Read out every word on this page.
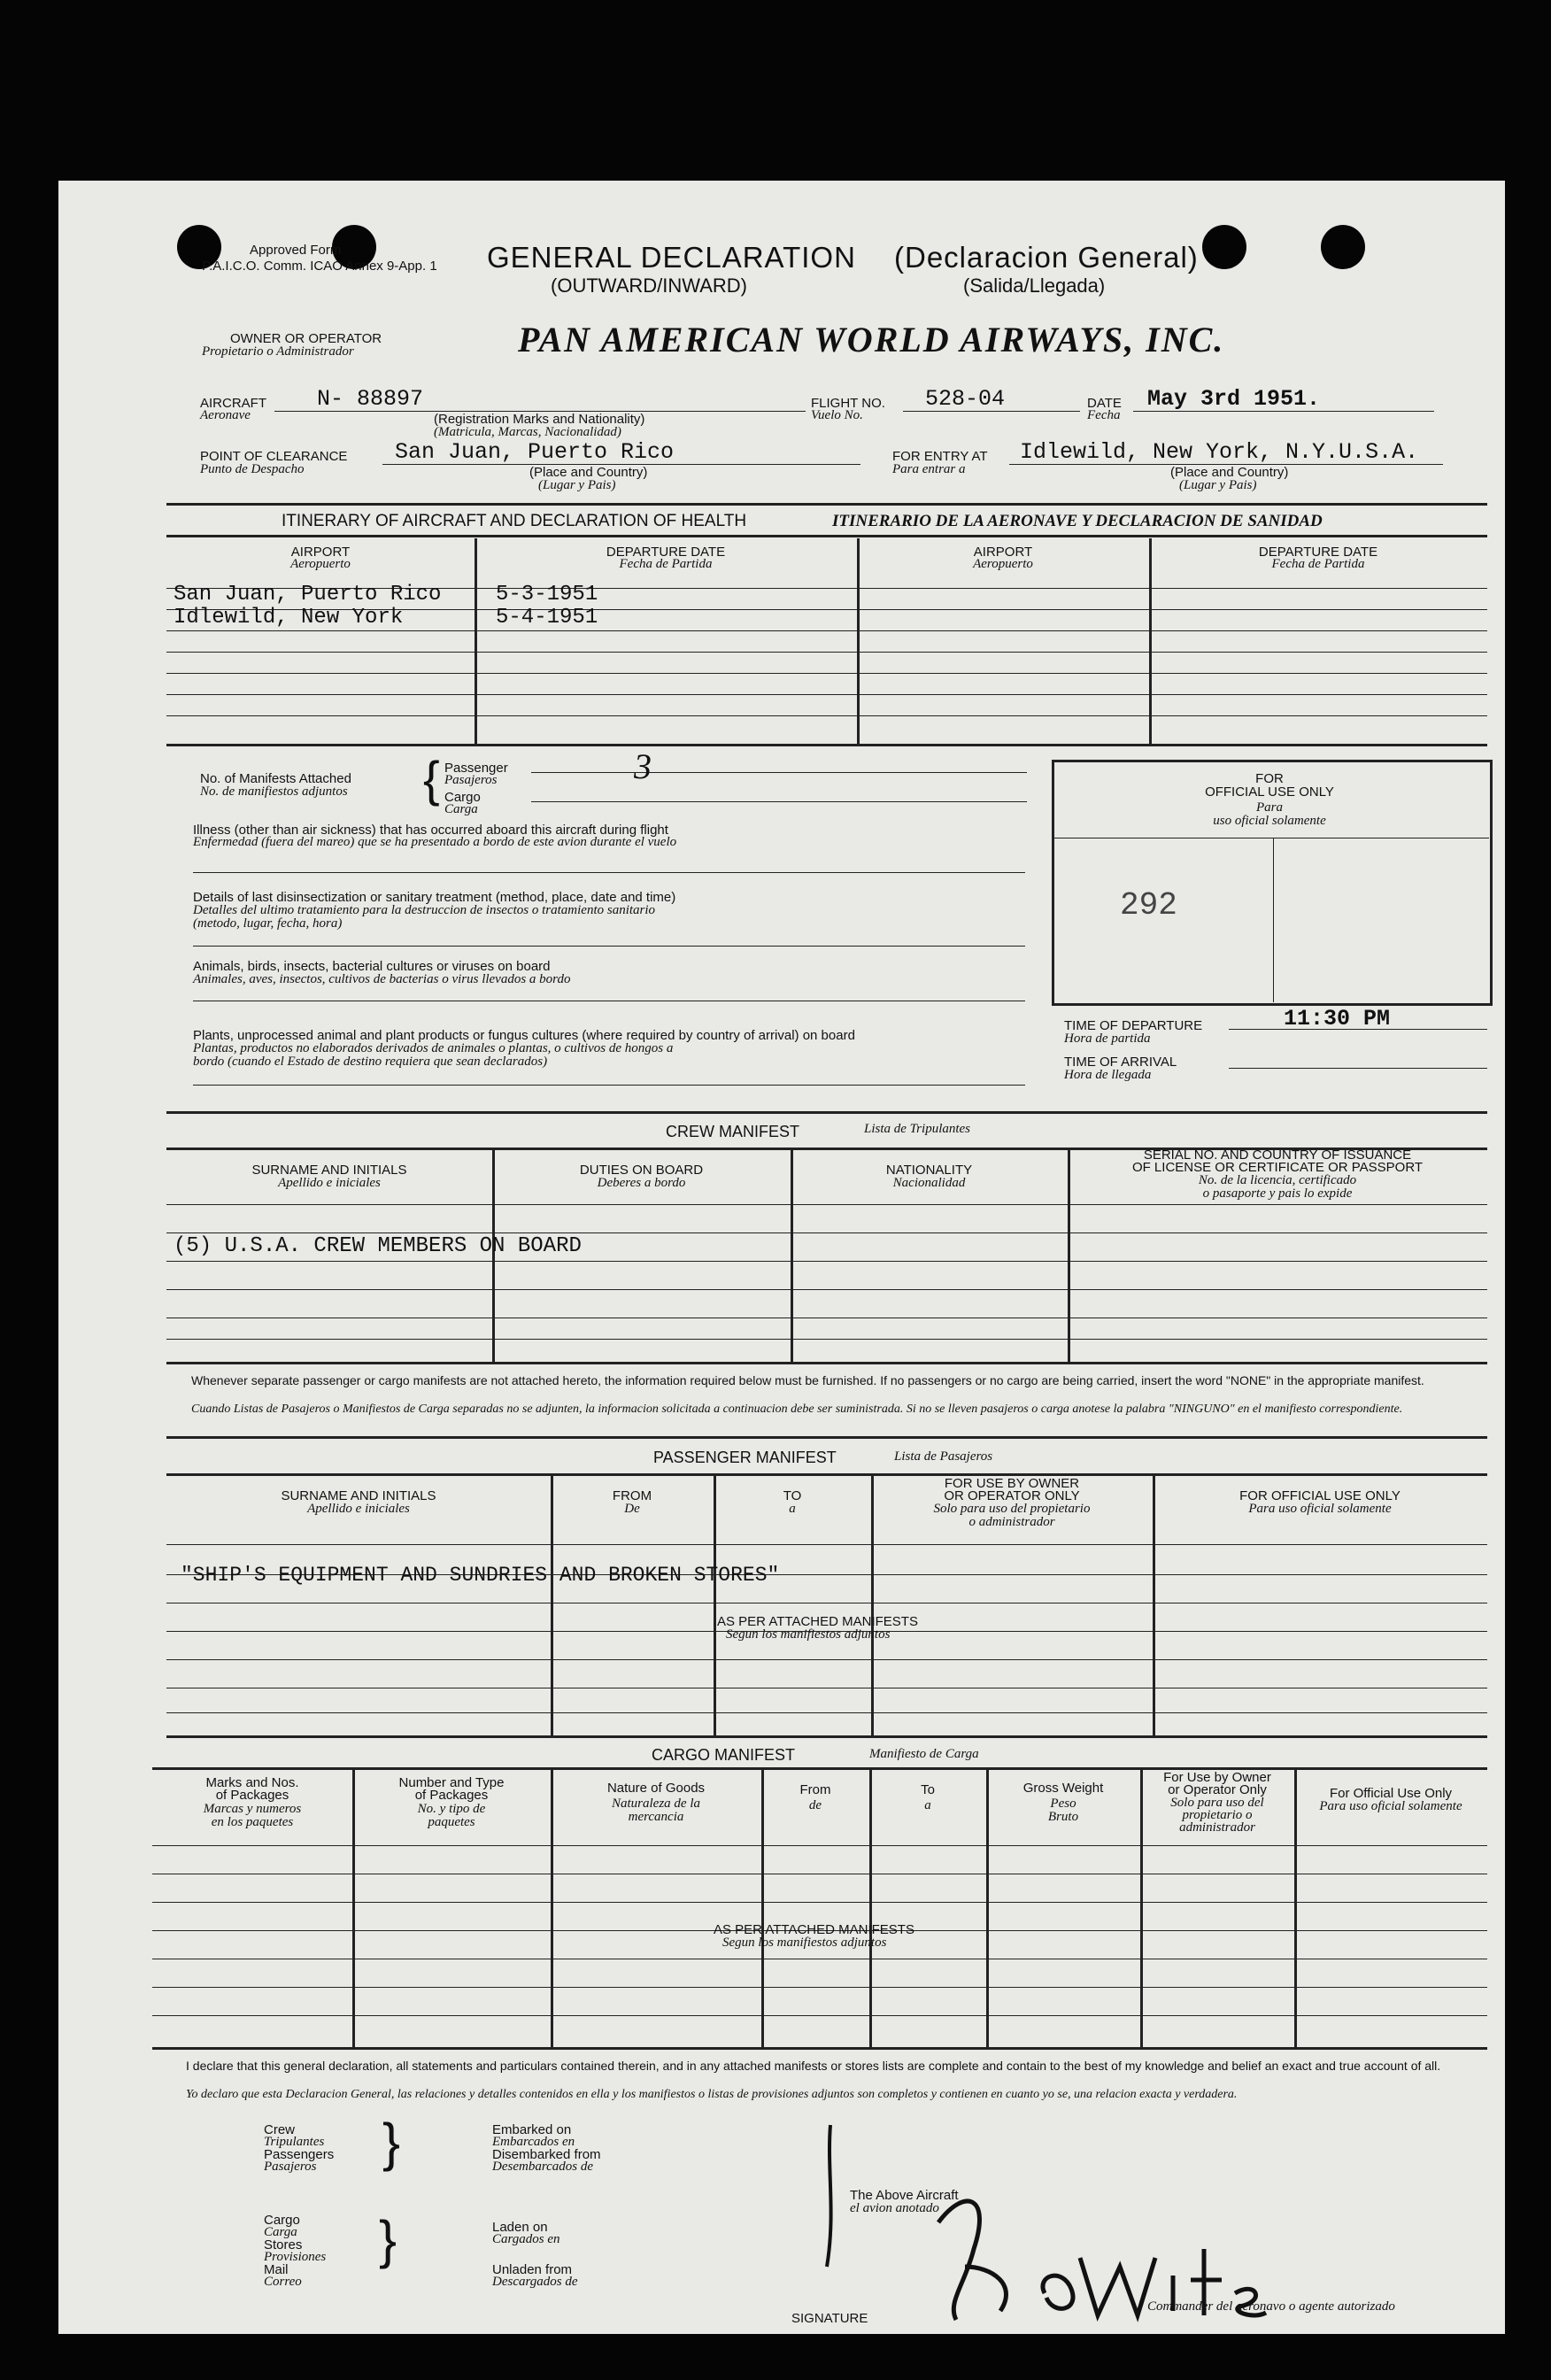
Approved Form
P.A.I.C.O. Comm. ICAO Annex 9-App. 1 GENERAL DECLARATION
(OUTWARD/INWARD)
(Declaracion General)
(Salida/Llegada)
OWNER OR OPERATOR
Propietario o Administrador	PAN AMERICAN WORLD AIRWAYS, INC.
AIRCRAFT
Aeronave
N- 88897
(Registration Marks and Nationality)
(Matricula, Marcas, Nacionalidad)
FLIGHT NO.
Vuelo No.
528-04	DATE
Fecha
May 3rd 1951.
POINT OF CLEARANCE
Punto de Despacho
San Juan, Puerto Rico
(Place and Country)
(Lugar y Pais)
FOR ENTRY AT
Para entrar a
Idlewild, New York, N.Y.U.S.A.
(Place and Country)
(Lugar y Pais)
ITINERARY OF AIRCRAFT AND DECLARATION OF HEALTH	ITINERARIO DE LA AERONAVE Y DECLARACION DE SANIDAD
AIRPORT
Aeropuerto
DEPARTURE DATE
Fecha de Partida
AIRPORT
Aeropuerto
DEPARTURE DATE
Fecha de Partida
San Juan, Puerto Rico	5-3-1951
Idlewild, New York	5-4-1951
No. of Manifests Attached
No. de manifiestos adjuntos { Passenger
Pasajeros
Cargo
Carga
3
Illness (other than air sickness) that has occurred aboard this aircraft during flight
Enfermedad (fuera del mareo) que se ha presentado a bordo de este avion durante el vuelo
Details of last disinsectization or sanitary treatment (method, place, date and time)
Detalles del ultimo tratamiento para la destruccion de insectos o tratamiento sanitario
(metodo, lugar, fecha, hora)
Animals, birds, insects, bacterial cultures or viruses on board
Animales, aves, insectos, cultivos de bacterias o virus llevados a bordo
Plants, unprocessed animal and plant products or fungus cultures (where required by country of arrival) on board
Plantas, productos no elaborados derivados de animales o plantas, o cultivos de hongos a
bordo (cuando el Estado de destino requiera que sean declarados)
FOR
OFFICIAL USE ONLY
Para
uso oficial solamente
292
TIME OF DEPARTURE
Hora de partida
11:30 PM
TIME OF ARRIVAL
Hora de llegada
CREW MANIFEST	Lista de Tripulantes
SURNAME AND INITIALS
Apellido e iniciales
DUTIES ON BOARD
Deberes a bordo
NATIONALITY
Nacionalidad
SERIAL NO. AND COUNTRY OF ISSUANCE
OF LICENSE OR CERTIFICATE OR PASSPORT
No. de la licencia, certificado
o pasaporte y pais lo expide
(5) U.S.A. CREW MEMBERS ON BOARD
Whenever separate passenger or cargo manifests are not attached hereto, the information required below must be furnished. If no passengers or no cargo are being carried, insert the word "NONE" in the appropriate manifest.
Cuando Listas de Pasajeros o Manifiestos de Carga separadas no se adjunten, la informacion solicitada a continuacion debe ser suministrada. Si no se lleven pasajeros o carga anotese la palabra "NINGUNO" en el manifiesto correspondiente.
PASSENGER MANIFEST	Lista de Pasajeros
SURNAME AND INITIALS
Apellido e iniciales
FROM
De
TO
a
FOR USE BY OWNER
OR OPERATOR ONLY
Solo para uso del propietario
o administrador
FOR OFFICIAL USE ONLY
Para uso oficial solamente
"SHIP'S EQUIPMENT AND SUNDRIES AND BROKEN STORES"
AS PER ATTACHED MANIFESTS
Segun los manifiestos adjuntos
CARGO MANIFEST	Manifiesto de Carga
Marks and Nos.
of Packages
Marcas y numeros
en los paquetes
Number and Type
of Packages
No. y tipo de
paquetes
Nature of Goods
Naturaleza de la
mercancia
From
de
To
a
Gross Weight
Peso
Bruto
For Use by Owner
or Operator Only
Solo para uso del
propietario o
administrador
For Official Use Only
Para uso oficial solamente
AS PER ATTACHED MANIFESTS
Segun los manifiestos adjuntos
I declare that this general declaration, all statements and particulars contained therein, and in any attached manifests or stores lists are complete and contain to the best of my knowledge and belief an exact and true account of all.
Yo declaro que esta Declaracion General, las relaciones y detalles contenidos en ella y los manifiestos o listas de provisiones adjuntos son completos y contienen en cuanto yo se, una relacion exacta y verdadera.
Crew
Tripulantes
Passengers
Pasajeros }	Embarked on
Embarcados en
Disembarked from
Desembarcados de
Cargo
Carga
Stores
Provisiones
Mail
Correo
}	Laden on
Cargados en
Unladen from
Descargados de
The Above Aircraft
el avion anotado
SIGNATURE
Commander del aeronavo o agente autorizado
